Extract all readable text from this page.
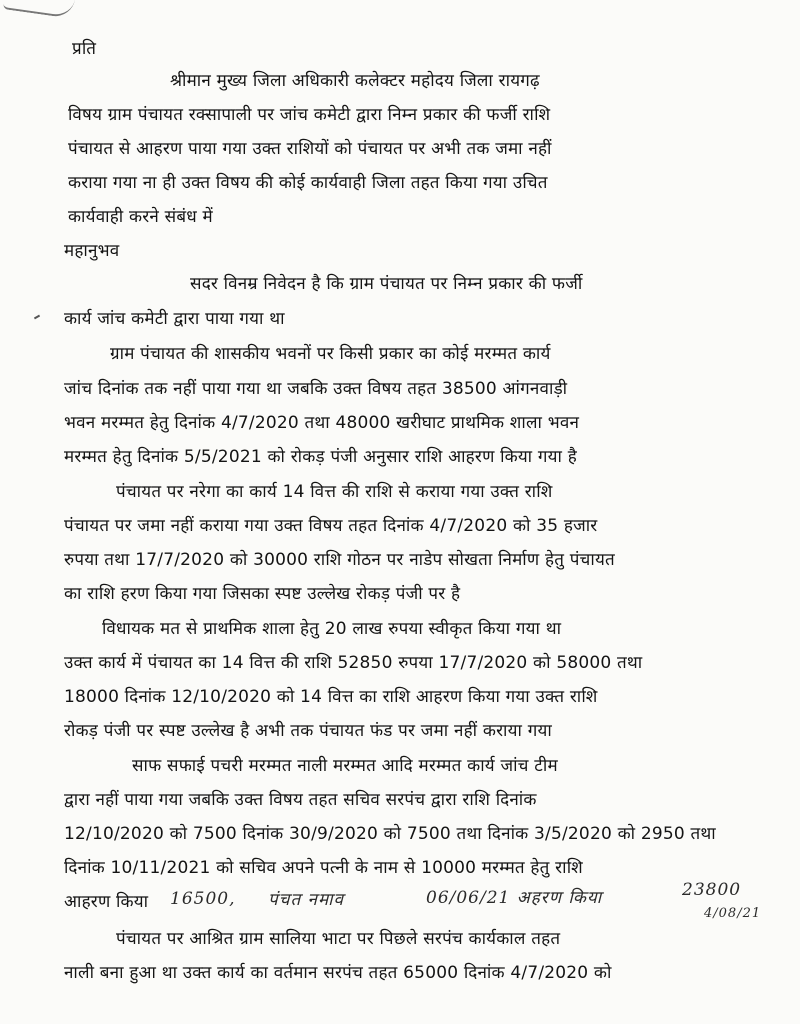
प्रति

श्रीमान मुख्य जिला अधिकारी कलेक्टर महोदय जिला रायगढ़

विषय ग्राम पंचायत रक्सापाली पर जांच कमेटी द्वारा निम्न प्रकार की फर्जी राशि

पंचायत से आहरण पाया गया उक्त राशियों को पंचायत पर अभी तक जमा नहीं

कराया गया ना ही उक्त विषय की कोई कार्यवाही जिला तहत किया गया उचित

कार्यवाही करने संबंध में

महानुभव

सदर विनम्र निवेदन है कि ग्राम पंचायत पर निम्न प्रकार की फर्जी

कार्य जांच कमेटी द्वारा पाया गया था

ग्राम पंचायत की शासकीय भवनों पर किसी प्रकार का कोई मरम्मत कार्य

जांच दिनांक तक नहीं पाया गया था जबकि उक्त विषय तहत 38500 आंगनवाड़ी

भवन मरम्मत हेतु दिनांक 4/7/2020 तथा 48000 खरीघाट प्राथमिक शाला भवन

मरम्मत हेतु दिनांक 5/5/2021 को रोकड़ पंजी अनुसार राशि आहरण किया गया है

पंचायत पर नरेगा का कार्य 14 वित्त की राशि से कराया गया उक्त राशि

पंचायत पर जमा नहीं कराया गया उक्त विषय तहत दिनांक 4/7/2020 को 35 हजार

रुपया तथा 17/7/2020 को 30000 राशि गोठन पर नाडेप सोखता निर्माण हेतु पंचायत

का राशि हरण किया गया जिसका स्पष्ट उल्लेख रोकड़ पंजी पर है

विधायक मत से प्राथमिक शाला हेतु 20 लाख रुपया स्वीकृत किया गया था

उक्त कार्य में पंचायत का 14 वित्त की राशि 52850 रुपया 17/7/2020 को 58000 तथा

18000 दिनांक 12/10/2020 को 14 वित्त का राशि आहरण किया गया उक्त राशि

रोकड़ पंजी पर स्पष्ट उल्लेख है अभी तक पंचायत फंड पर जमा नहीं कराया गया

साफ सफाई पचरी मरम्मत नाली मरम्मत आदि मरम्मत कार्य जांच टीम

द्वारा नहीं पाया गया जबकि उक्त विषय तहत सचिव सरपंच द्वारा राशि दिनांक

12/10/2020 को 7500 दिनांक 30/9/2020 को 7500 तथा दिनांक 3/5/2020 को 2950 तथा

दिनांक 10/11/2021 को सचिव अपने पत्नी के नाम से 10000 मरम्मत हेतु राशि

आहरण किया 16500, पंचत नमाव	06/06/21 अहरण किया	23800

4/08/21

पंचायत पर आश्रित ग्राम सालिया भाटा पर पिछले सरपंच कार्यकाल तहत

नाली बना हुआ था उक्त कार्य का वर्तमान सरपंच तहत 65000 दिनांक 4/7/2020 को
